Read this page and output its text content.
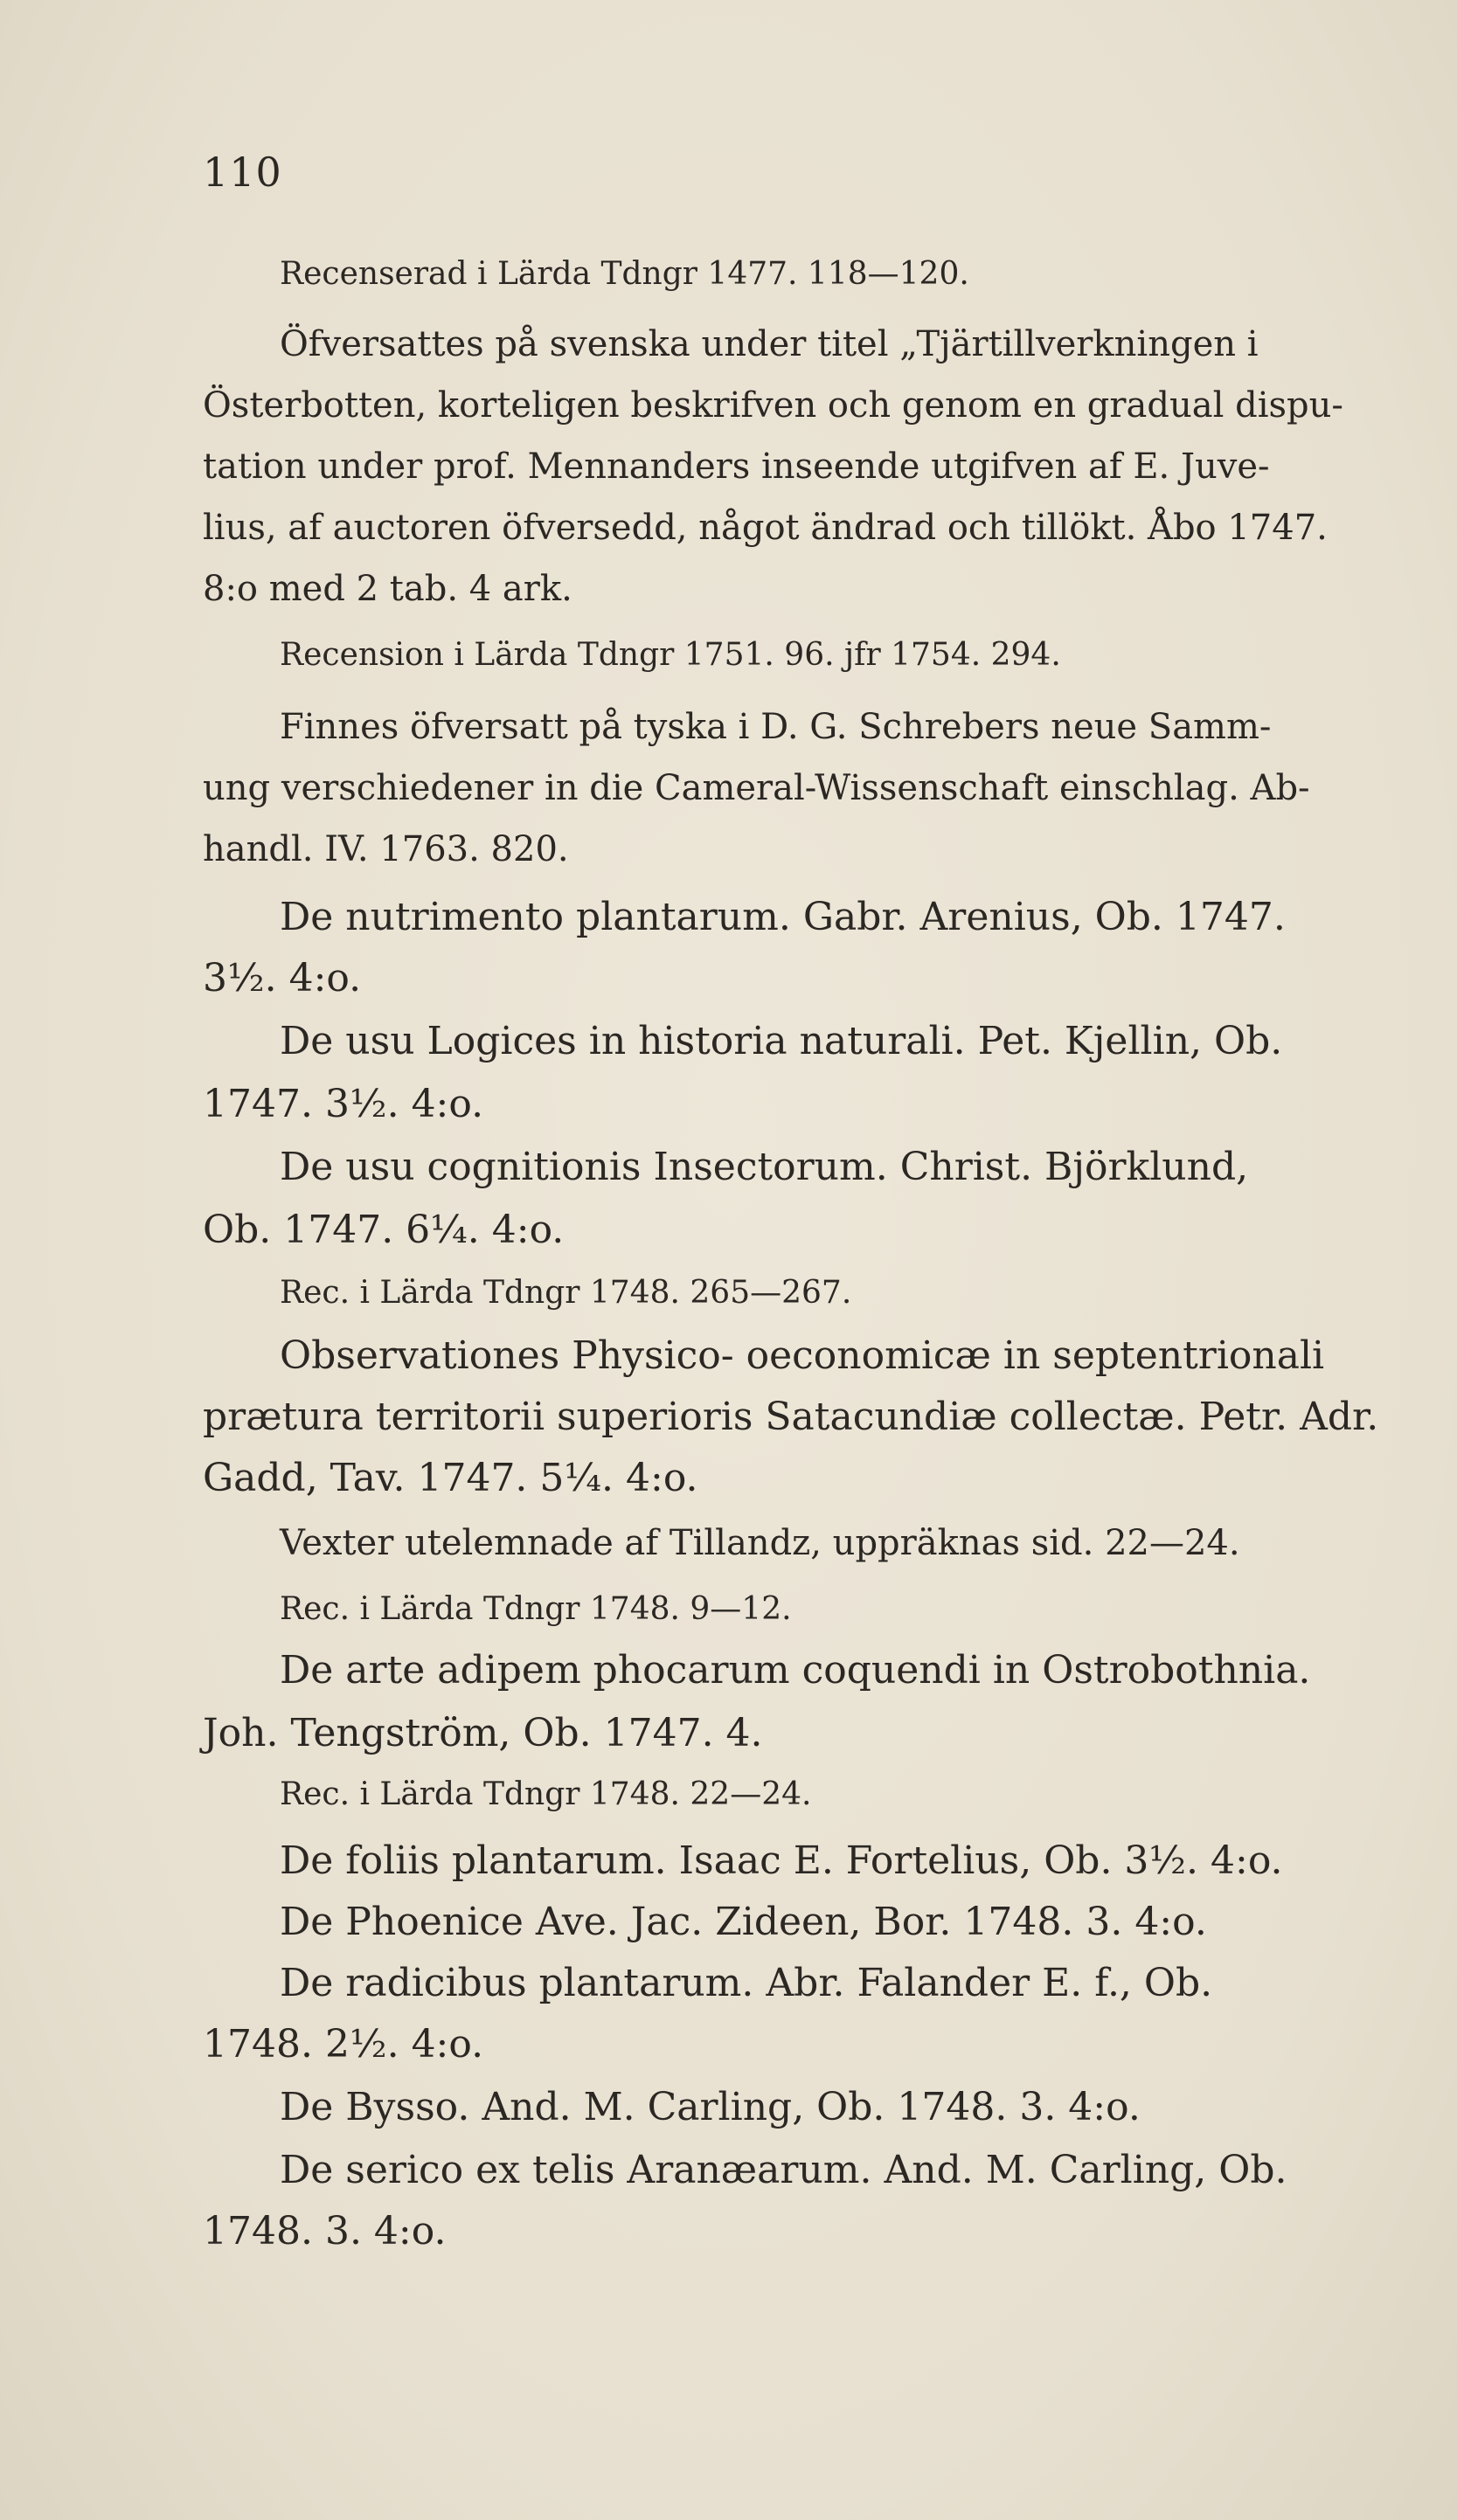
110
Recenserad i Lärda Tdngr 1477. 118—120.
Öfversattes på svenska under titel „Tjärtillverkningen i
Österbotten, korteligen beskrifven och genom en gradual dispu-
tation under prof. Mennanders inseende utgifven af E. Juve-
lius, af auctoren öfversedd, något ändrad och tillökt. Åbo 1747.
8:o med 2 tab. 4 ark.
Recension i Lärda Tdngr 1751. 96. jfr 1754. 294.
Finnes öfversatt på tyska i D. G. Schrebers neue Samm-
ung verschiedener in die Cameral-Wissenschaft einschlag. Ab-
handl. IV. 1763. 820.
De nutrimento plantarum. Gabr. Arenius, Ob. 1747.
3½. 4:o.
De usu Logices in historia naturali. Pet. Kjellin, Ob.
1747. 3½. 4:o.
De usu cognitionis Insectorum. Christ. Björklund,
Ob. 1747. 6¼. 4:o.
Rec. i Lärda Tdngr 1748. 265—267.
Observationes Physico- oeconomicæ in septentrionali
prætura territorii superioris Satacundiæ collectæ. Petr. Adr.
Gadd, Tav. 1747. 5¼. 4:o.
Vexter utelemnade af Tillandz, uppräknas sid. 22—24.
Rec. i Lärda Tdngr 1748. 9—12.
De arte adipem phocarum coquendi in Ostrobothnia.
Joh. Tengström, Ob. 1747. 4.
Rec. i Lärda Tdngr 1748. 22—24.
De foliis plantarum. Isaac E. Fortelius, Ob. 3½. 4:o.
De Phoenice Ave. Jac. Zideen, Bor. 1748. 3. 4:o.
De radicibus plantarum. Abr. Falander E. f., Ob.
1748. 2½. 4:o.
De Bysso. And. M. Carling, Ob. 1748. 3. 4:o.
De serico ex telis Aranæarum. And. M. Carling, Ob.
1748. 3. 4:o.
